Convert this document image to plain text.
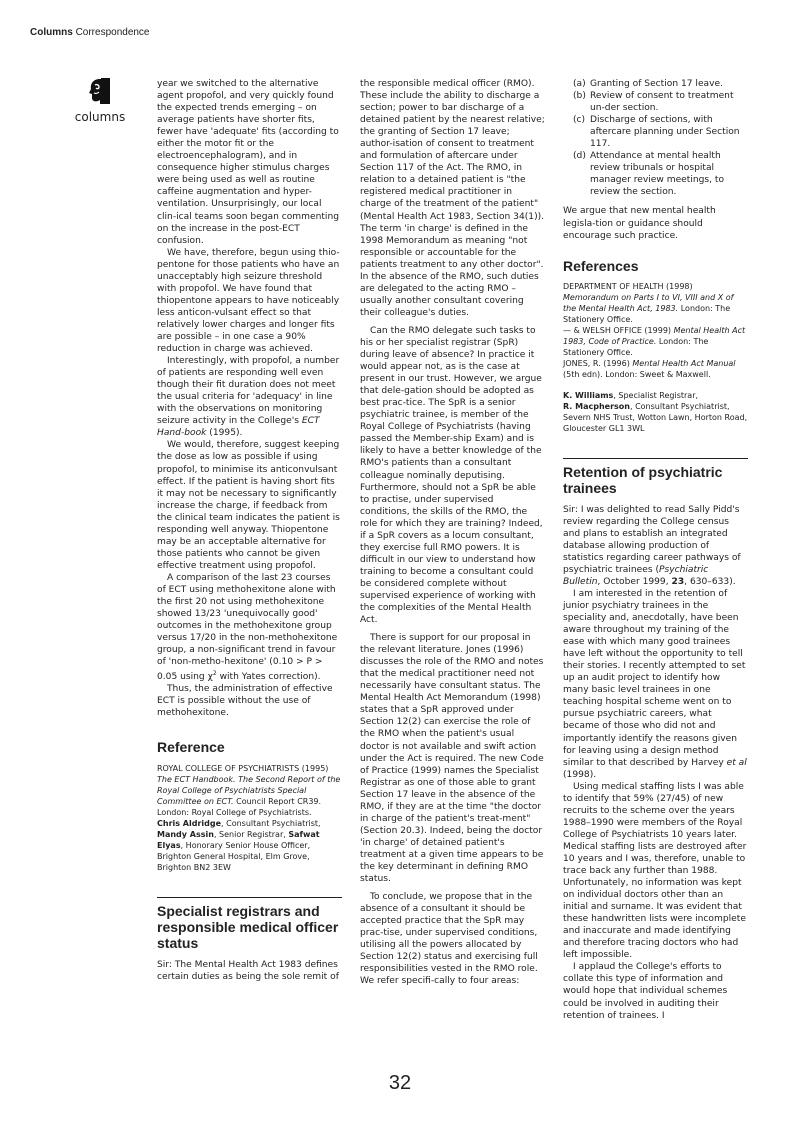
Columns Correspondence
columns

year we switched to the alternative agent propofol, and very quickly found the expected trends emerging – on average patients have shorter fits, fewer have 'adequate' fits (according to either the motor fit or the electroencephalogram), and in consequence higher stimulus charges were being used as well as routine caffeine augmentation and hyper-ventilation. Unsurprisingly, our local clin-ical teams soon began commenting on the increase in the post-ECT confusion.

We have, therefore, begun using thio-pentone for those patients who have an unacceptably high seizure threshold with propofol. We have found that thiopentone appears to have noticeably less anticon-vulsant effect so that relatively lower charges and longer fits are possible – in one case a 90% reduction in charge was achieved.

Interestingly, with propofol, a number of patients are responding well even though their fit duration does not meet the usual criteria for 'adequacy' in line with the observations on monitoring seizure activity in the College's ECT Hand-book (1995).

We would, therefore, suggest keeping the dose as low as possible if using propofol, to minimise its anticonvulsant effect. If the patient is having short fits it may not be necessary to significantly increase the charge, if feedback from the clinical team indicates the patient is responding well anyway. Thiopentone may be an acceptable alternative for those patients who cannot be given effective treatment using propofol.

A comparison of the last 23 courses of ECT using methohexitone alone with the first 20 not using methohexitone showed 13/23 'unequivocally good' outcomes in the methohexitone group versus 17/20 in the non-methohexitone group, a non-significant trend in favour of 'non-metho-hexitone' (0.10 > P > 0.05 using $\chi^2$ with Yates correction).

Thus, the administration of effective ECT is possible without the use of methohexitone.

Reference

ROYAL COLLEGE OF PSYCHIATRISTS (1995) The ECT Handbook. The Second Report of the Royal College of Psychiatrists Special Committee on ECT. Council Report CR39. London: Royal College of Psychiatrists.

Chris Aldridge, Consultant Psychiatrist, Mandy Assin, Senior Registrar, Safwat Elyas, Honorary Senior House Officer, Brighton General Hospital, Elm Grove, Brighton BN2 3EW

Specialist registrars and responsible medical officer status

Sir: The Mental Health Act 1983 defines certain duties as being the sole remit of

the responsible medical officer (RMO). These include the ability to discharge a section; power to bar discharge of a detained patient by the nearest relative; the granting of Section 17 leave; author-isation of consent to treatment and formulation of aftercare under Section 117 of the Act. The RMO, in relation to a detained patient is "the registered medical practitioner in charge of the treatment of the patient" (Mental Health Act 1983, Section 34(1)). The term 'in charge' is defined in the 1998 Memorandum as meaning "not responsible or accountable for the patients treatment to any other doctor". In the absence of the RMO, such duties are delegated to the acting RMO – usually another consultant covering their colleague's duties.

Can the RMO delegate such tasks to his or her specialist registrar (SpR) during leave of absence? In practice it would appear not, as is the case at present in our trust. However, we argue that dele-gation should be adopted as best prac-tice. The SpR is a senior psychiatric trainee, is member of the Royal College of Psychiatrists (having passed the Member-ship Exam) and is likely to have a better knowledge of the RMO's patients than a consultant colleague nominally deputising. Furthermore, should not a SpR be able to practise, under supervised conditions, the skills of the RMO, the role for which they are training? Indeed, if a SpR covers as a locum consultant, they exercise full RMO powers. It is difficult in our view to understand how training to become a consultant could be considered complete without supervised experience of working with the complexities of the Mental Health Act.

There is support for our proposal in the relevant literature. Jones (1996) discusses the role of the RMO and notes that the medical practitioner need not necessarily have consultant status. The Mental Health Act Memorandum (1998) states that a SpR approved under Section 12(2) can exercise the role of the RMO when the patient's usual doctor is not available and swift action under the Act is required. The new Code of Practice (1999) names the Specialist Registrar as one of those able to grant Section 17 leave in the absence of the RMO, if they are at the time "the doctor in charge of the patient's treat-ment" (Section 20.3). Indeed, being the doctor 'in charge' of detained patient's treatment at a given time appears to be the key determinant in defining RMO status.

To conclude, we propose that in the absence of a consultant it should be accepted practice that the SpR may prac-tise, under supervised conditions, utilising all the powers allocated by Section 12(2) status and exercising full responsibilities vested in the RMO role. We refer specifi-cally to four areas:

(a) Granting of Section 17 leave.
(b) Review of consent to treatment un-der section.
(c) Discharge of sections, with aftercare planning under Section 117.
(d) Attendance at mental health review tribunals or hospital manager review meetings, to review the section.

We argue that new mental health legisla-tion or guidance should encourage such practice.

References

DEPARTMENT OF HEALTH (1998) Memorandum on Parts I to VI, VIII and X of the Mental Health Act, 1983. London: The Stationery Office.

— & WELSH OFFICE (1999) Mental Health Act 1983, Code of Practice. London: The Stationery Office.

JONES, R. (1996) Mental Health Act Manual (5th edn). London: Sweet & Maxwell.

K. Williams, Specialist Registrar,
R. Macpherson, Consultant Psychiatrist, Severn NHS Trust, Wotton Lawn, Horton Road, Gloucester GL1 3WL

Retention of psychiatric trainees

Sir: I was delighted to read Sally Pidd's review regarding the College census and plans to establish an integrated database allowing production of statistics regarding career pathways of psychiatric trainees (Psychiatric Bulletin, October 1999, 23, 630–633).

I am interested in the retention of junior psychiatry trainees in the speciality and, anecdotally, have been aware throughout my training of the ease with which many good trainees have left without the opportunity to tell their stories. I recently attempted to set up an audit project to identify how many basic level trainees in one teaching hospital scheme went on to pursue psychiatric careers, what became of those who did not and importantly identify the reasons given for leaving using a design method similar to that described by Harvey et al (1998).

Using medical staffing lists I was able to identify that 59% (27/45) of new recruits to the scheme over the years 1988–1990 were members of the Royal College of Psychiatrists 10 years later. Medical staffing lists are destroyed after 10 years and I was, therefore, unable to trace back any further than 1988. Unfortunately, no information was kept on individual doctors other than an initial and surname. It was evident that these handwritten lists were incomplete and inaccurate and made identifying and therefore tracing doctors who had left impossible.

I applaud the College's efforts to collate this type of information and would hope that individual schemes could be involved in auditing their retention of trainees. I

32
